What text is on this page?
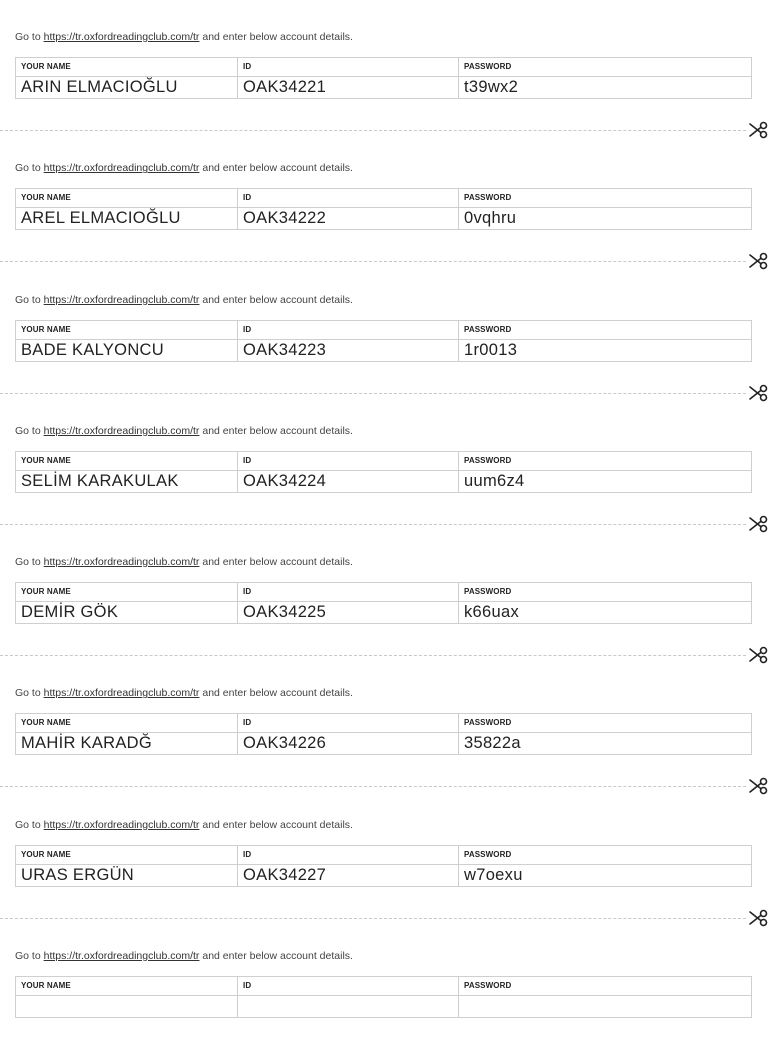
Go to https://tr.oxfordreadingclub.com/tr and enter below account details.
YOUR NAME	ID	PASSWORD
ARIN ELMACIOĞLU	OAK34221	t39wx2
Go to https://tr.oxfordreadingclub.com/tr and enter below account details.
YOUR NAME	ID	PASSWORD
AREL ELMACIOĞLU	OAK34222	0vqhru
Go to https://tr.oxfordreadingclub.com/tr and enter below account details.
YOUR NAME	ID	PASSWORD
BADE KALYONCU	OAK34223	1r0013
Go to https://tr.oxfordreadingclub.com/tr and enter below account details.
YOUR NAME	ID	PASSWORD
SELİM KARAKULAK	OAK34224	uum6z4
Go to https://tr.oxfordreadingclub.com/tr and enter below account details.
YOUR NAME	ID	PASSWORD
DEMİR GÖK	OAK34225	k66uax
Go to https://tr.oxfordreadingclub.com/tr and enter below account details.
YOUR NAME	ID	PASSWORD
MAHİR KARADĞ	OAK34226	35822a
Go to https://tr.oxfordreadingclub.com/tr and enter below account details.
YOUR NAME	ID	PASSWORD
URAS ERGÜN	OAK34227	w7oexu
Go to https://tr.oxfordreadingclub.com/tr and enter below account details.
YOUR NAME	ID	PASSWORD
